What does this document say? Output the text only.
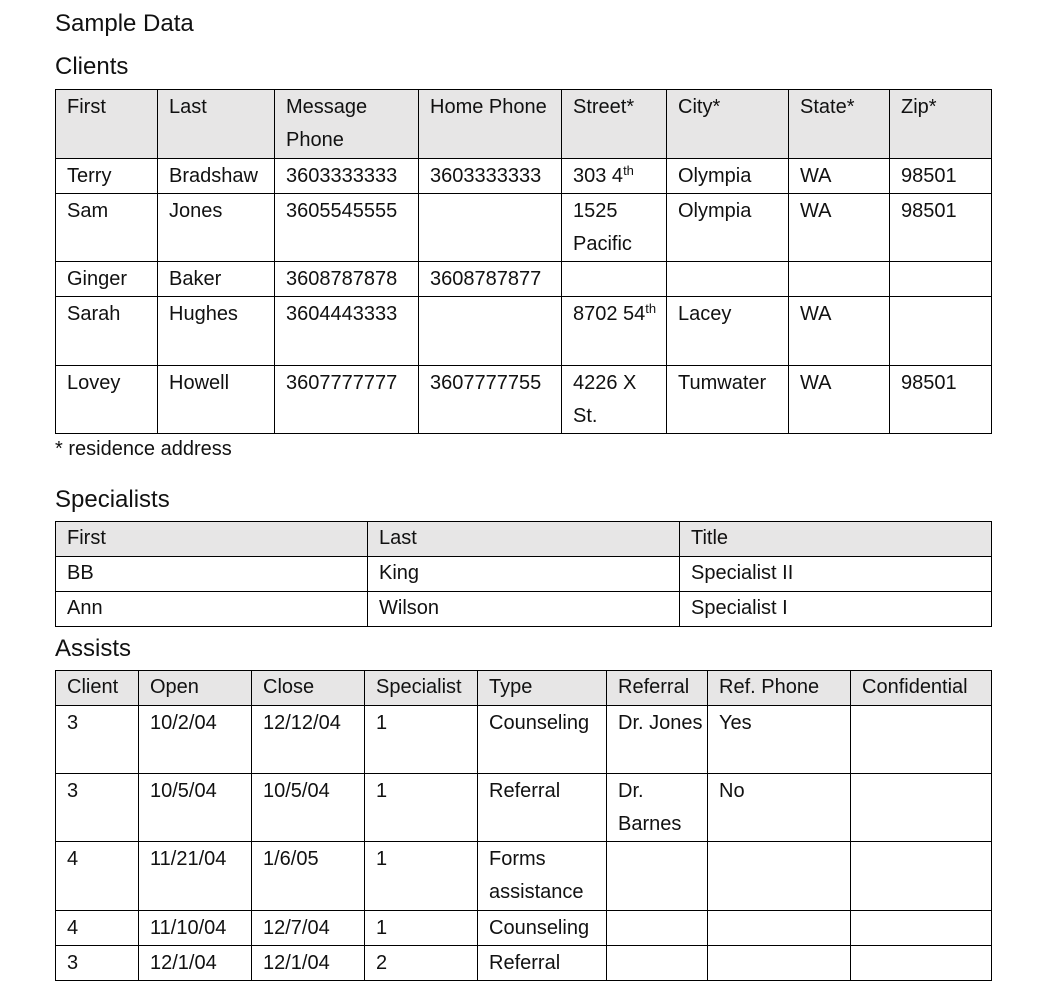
Sample Data
Clients
First	Last	Message Phone	Home Phone	Street*	City*	State*	Zip*
Terry	Bradshaw	3603333333	3603333333	303 4th	Olympia	WA	98501
Sam	Jones	3605545555		1525 Pacific	Olympia	WA	98501
Ginger	Baker	3608787878	3608787877				
Sarah	Hughes	3604443333		8702 54th	Lacey	WA	
Lovey	Howell	3607777777	3607777755	4226 X St.	Tumwater	WA	98501

* residence address

Specialists
First	Last	Title
BB	King	Specialist II
Ann	Wilson	Specialist I
Assists
Client	Open	Close	Specialist	Type	Referral	Ref. Phone	Confidential
3	10/2/04	12/12/04	1	Counseling	Dr. Jones	Yes	
3	10/5/04	10/5/04	1	Referral	Dr. Barnes	No	
4	11/21/04	1/6/05	1	Forms assistance			
4	11/10/04	12/7/04	1	Counseling			
3	12/1/04	12/1/04	2	Referral			
